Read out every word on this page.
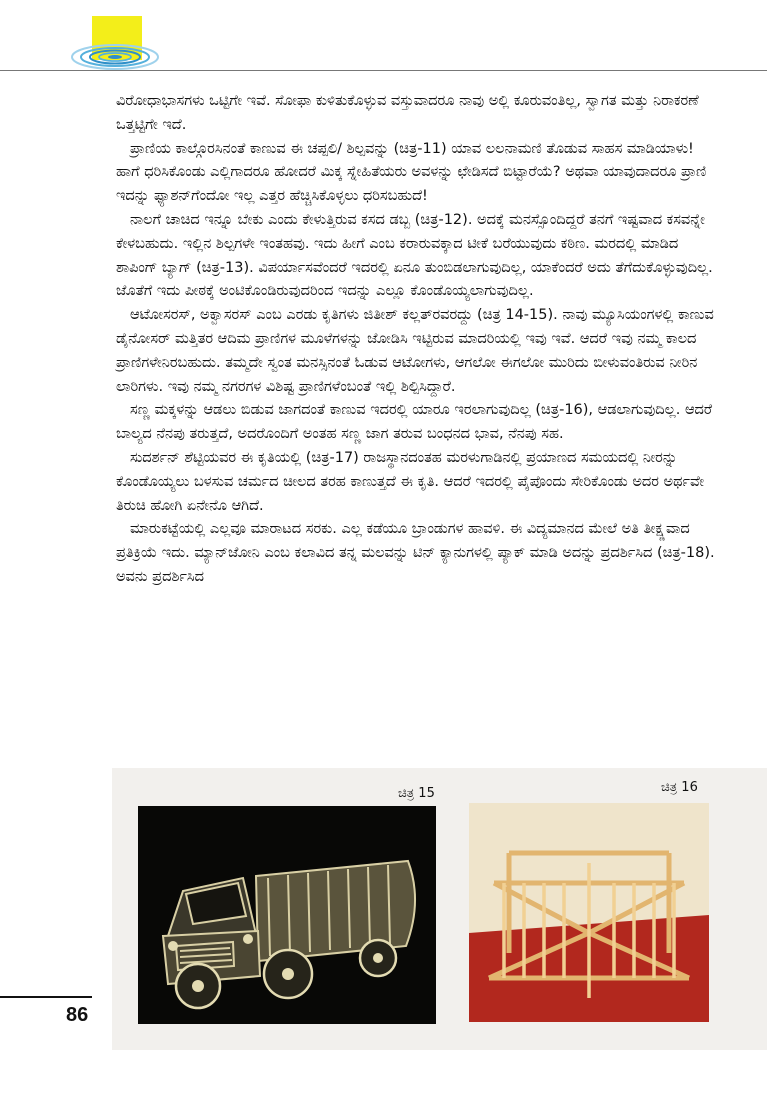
ವಿರೋಧಾಭಾಸಗಳು ಒಟ್ಟಿಗೇ ಇವೆ. ಸೋಫಾ ಕುಳಿತುಕೊಳ್ಳುವ ವಸ್ತುವಾದರೂ ನಾವು ಅಲ್ಲಿ ಕೂರುವಂತಿಲ್ಲ, ಸ್ವಾಗತ ಮತ್ತು ನಿರಾಕರಣೆ ಒತ್ತಟ್ಟಿಗೇ ಇದೆ.

ಪ್ರಾಣಿಯ ಕಾಲ್ಗೊರಸಿನಂತೆ ಕಾಣುವ ಈ ಚಪ್ಪಲಿ/ ಶಿಲ್ಪವನ್ನು (ಚಿತ್ರ-11) ಯಾವ ಲಲನಾಮಣಿ ತೊಡುವ ಸಾಹಸ ಮಾಡಿಯಾಳು! ಹಾಗೆ ಧರಿಸಿಕೊಂಡು ಎಲ್ಲಿಗಾದರೂ ಹೋದರೆ ಮಿಕ್ಕ ಸ್ನೇಹಿತೆಯರು ಅವಳನ್ನು ಛೇಡಿಸದೆ ಬಿಟ್ಟಾರೆಯೆ? ಅಥವಾ ಯಾವುದಾದರೂ ಪ್ರಾಣಿ ಇದನ್ನು ಫ್ಯಾಶನ್‌ಗೆಂದೋ ಇಲ್ಲ ಎತ್ತರ ಹೆಚ್ಚಿಸಿಕೊಳ್ಳಲು ಧರಿಸಬಹುದೆ!

ನಾಲಗೆ ಚಾಚಿದ ಇನ್ನೂ ಬೇಕು ಎಂದು ಕೇಳುತ್ತಿರುವ ಕಸದ ಡಬ್ಬ (ಚಿತ್ರ-12). ಅದಕ್ಕೆ ಮನಸ್ಸೊಂದಿದ್ದರೆ ತನಗೆ ಇಷ್ಟವಾದ ಕಸವನ್ನೇ ಕೇಳಬಹುದು. ಇಲ್ಲಿನ ಶಿಲ್ಪಗಳೇ ಇಂತಹವು. ಇದು ಹೀಗೆ ಎಂಬ ಕರಾರುವಕ್ಕಾದ ಟೀಕೆ ಬರೆಯುವುದು ಕಠಿಣ. ಮರದಲ್ಲಿ ಮಾಡಿದ ಶಾಪಿಂಗ್ ಬ್ಯಾಗ್ (ಚಿತ್ರ-13). ವಿಪರ್ಯಾಸವೆಂದರೆ ಇದರಲ್ಲಿ ಏನೂ ತುಂಬಿಡಲಾಗುವುದಿಲ್ಲ, ಯಾಕೆಂದರೆ ಅದು ತೆಗೆದುಕೊಳ್ಳುವುದಿಲ್ಲ. ಜೊತೆಗೆ ಇದು ಪೀಠಕ್ಕೆ ಅಂಟಿಕೊಂಡಿರುವುದರಿಂದ ಇದನ್ನು ಎಲ್ಲೂ ಕೊಂಡೊಯ್ಯಲಾಗುವುದಿಲ್ಲ.

ಆಟೋಸರಸ್, ಅಕ್ವಾಸರಸ್ ಎಂಬ ಎರಡು ಕೃತಿಗಳು ಜಿತೀಶ್ ಕಲ್ಲತ್‌ರವರದ್ದು (ಚಿತ್ರ 14-15). ನಾವು ಮ್ಯೂಸಿಯಂಗಳಲ್ಲಿ ಕಾಣುವ ಡೈನೋಸರ್ ಮತ್ತಿತರ ಆದಿಮ ಪ್ರಾಣಿಗಳ ಮೂಳೆಗಳನ್ನು ಜೋಡಿಸಿ ಇಟ್ಟಿರುವ ಮಾದರಿಯಲ್ಲಿ ಇವು ಇವೆ. ಆದರೆ ಇವು ನಮ್ಮ ಕಾಲದ ಪ್ರಾಣಿಗಳೇನಿರಬಹುದು. ತಮ್ಮದೇ ಸ್ವಂತ ಮನಸ್ಸಿನಂತೆ ಓಡುವ ಆಟೋಗಳು, ಆಗಲೋ ಈಗಲೋ ಮುರಿದು ಬೀಳುವಂತಿರುವ ನೀರಿನ ಲಾರಿಗಳು. ಇವು ನಮ್ಮ ನಗರಗಳ ವಿಶಿಷ್ಟ ಪ್ರಾಣಿಗಳೆಂಬಂತೆ ಇಲ್ಲಿ ಶಿಲ್ಪಿಸಿದ್ದಾರೆ.

ಸಣ್ಣ ಮಕ್ಕಳನ್ನು ಆಡಲು ಬಿಡುವ ಜಾಗದಂತೆ ಕಾಣುವ ಇದರಲ್ಲಿ ಯಾರೂ ಇರಲಾಗುವುದಿಲ್ಲ (ಚಿತ್ರ-16), ಆಡಲಾಗುವುದಿಲ್ಲ. ಆದರೆ ಬಾಲ್ಯದ ನೆನಪು ತರುತ್ತದೆ, ಅದರೊಂದಿಗೆ ಅಂತಹ ಸಣ್ಣ ಜಾಗ ತರುವ ಬಂಧನದ ಭಾವ, ನೆನಪು ಸಹ.

ಸುದರ್ಶನ್ ಶೆಟ್ಟಿಯವರ ಈ ಕೃತಿಯಲ್ಲಿ (ಚಿತ್ರ-17) ರಾಜಸ್ಥಾನದಂತಹ ಮರಳುಗಾಡಿನಲ್ಲಿ ಪ್ರಯಾಣದ ಸಮಯದಲ್ಲಿ ನೀರನ್ನು ಕೊಂಡೊಯ್ಯಲು ಬಳಸುವ ಚರ್ಮದ ಚೀಲದ ತರಹ ಕಾಣುತ್ತದೆ ಈ ಕೃತಿ. ಆದರೆ ಇದರಲ್ಲಿ ಪೈಪೊಂದು ಸೇರಿಕೊಂಡು ಅದರ ಅರ್ಥವೇ ತಿರುಚಿ ಹೋಗಿ ಏನೇನೊ ಆಗಿದೆ.

ಮಾರುಕಟ್ಟೆಯಲ್ಲಿ ಎಲ್ಲವೂ ಮಾರಾಟದ ಸರಕು. ಎಲ್ಲ ಕಡೆಯೂ ಬ್ರಾಂಡುಗಳ ಹಾವಳಿ. ಈ ವಿದ್ಯಮಾನದ ಮೇಲೆ ಅತಿ ತೀಕ್ಷ್ಣವಾದ ಪ್ರತಿಕ್ರಿಯೆ ಇದು. ಮ್ಯಾನ್‌ಜೋನಿ ಎಂಬ ಕಲಾವಿದ ತನ್ನ ಮಲವನ್ನು ಟಿನ್ ಕ್ಯಾನುಗಳಲ್ಲಿ ಪ್ಯಾಕ್ ಮಾಡಿ ಅದನ್ನು ಪ್ರದರ್ಶಿಸಿದ (ಚಿತ್ರ-18). ಅವನು ಪ್ರದರ್ಶಿಸಿದ

ಚಿತ್ರ 15	ಚಿತ್ರ 16
86
